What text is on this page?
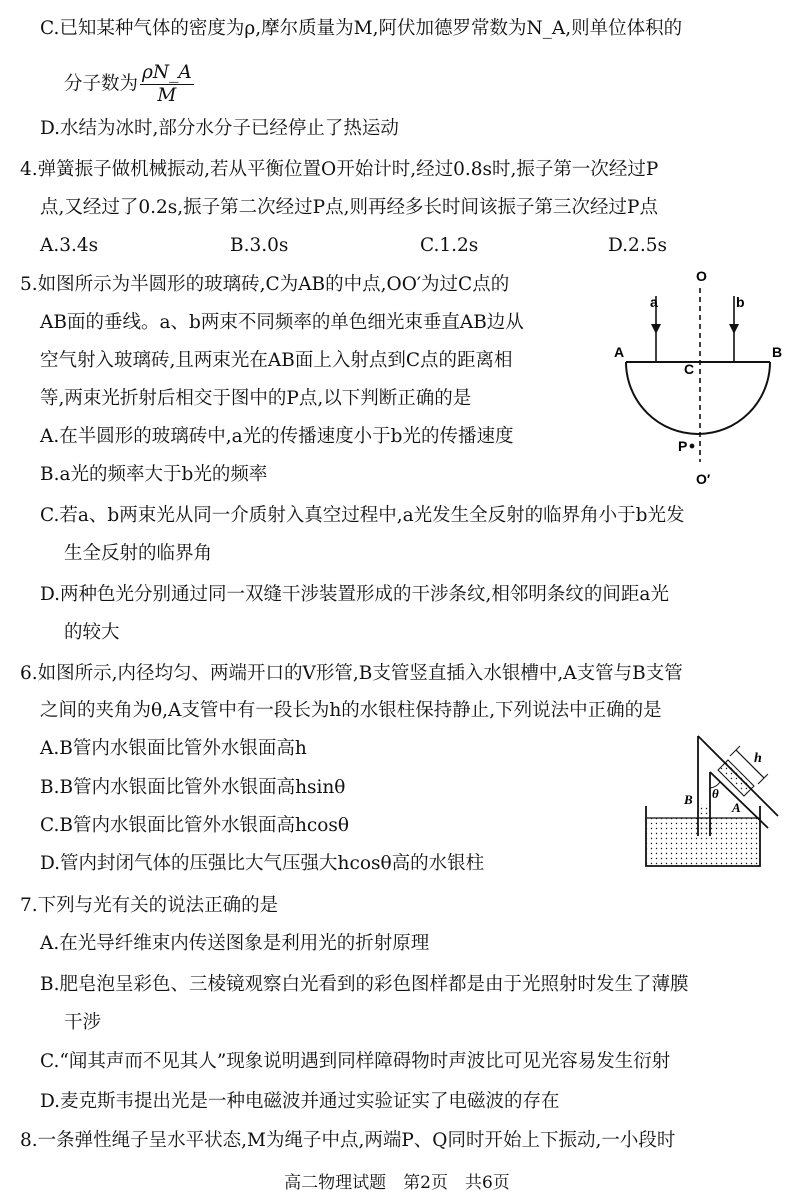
C.已知某种气体的密度为ρ,摩尔质量为M,阿伏加德罗常数为N_A,则单位体积的
分子数为 $\frac{\rho N\_A}{M}$
D.水结为冰时,部分水分子已经停止了热运动
4.弹簧振子做机械振动,若从平衡位置O开始计时,经过0.8s时,振子第一次经过P
点,又经过了0.2s,振子第二次经过P点,则再经多长时间该振子第三次经过P点
A.3.4s	B.3.0s	C.1.2s	D.2.5s
5.如图所示为半圆形的玻璃砖,C为AB的中点,OO′为过C点的
AB面的垂线。a、b两束不同频率的单色细光束垂直AB边从
空气射入玻璃砖,且两束光在AB面上入射点到C点的距离相
等,两束光折射后相交于图中的P点,以下判断正确的是
A.在半圆形的玻璃砖中,a光的传播速度小于b光的传播速度
B.a光的频率大于b光的频率
C.若a、b两束光从同一介质射入真空过程中,a光发生全反射的临界角小于b光发
生全反射的临界角
D.两种色光分别通过同一双缝干涉装置形成的干涉条纹,相邻明条纹的间距a光
的较大
O
a	b
A	B
C
P
O′
6.如图所示,内径均匀、两端开口的V形管,B支管竖直插入水银槽中,A支管与B支管
之间的夹角为θ,A支管中有一段长为h的水银柱保持静止,下列说法中正确的是
A.B管内水银面比管外水银面高h
B.B管内水银面比管外水银面高hsinθ
C.B管内水银面比管外水银面高hcosθ
D.管内封闭气体的压强比大气压强大hcosθ高的水银柱
h
θ
A
B
7.下列与光有关的说法正确的是
A.在光导纤维束内传送图象是利用光的折射原理
B.肥皂泡呈彩色、三棱镜观察白光看到的彩色图样都是由于光照射时发生了薄膜
干涉
C.“闻其声而不见其人”现象说明遇到同样障碍物时声波比可见光容易发生衍射
D.麦克斯韦提出光是一种电磁波并通过实验证实了电磁波的存在
8.一条弹性绳子呈水平状态,M为绳子中点,两端P、Q同时开始上下振动,一小段时
高二物理试题　第2页　共6页
